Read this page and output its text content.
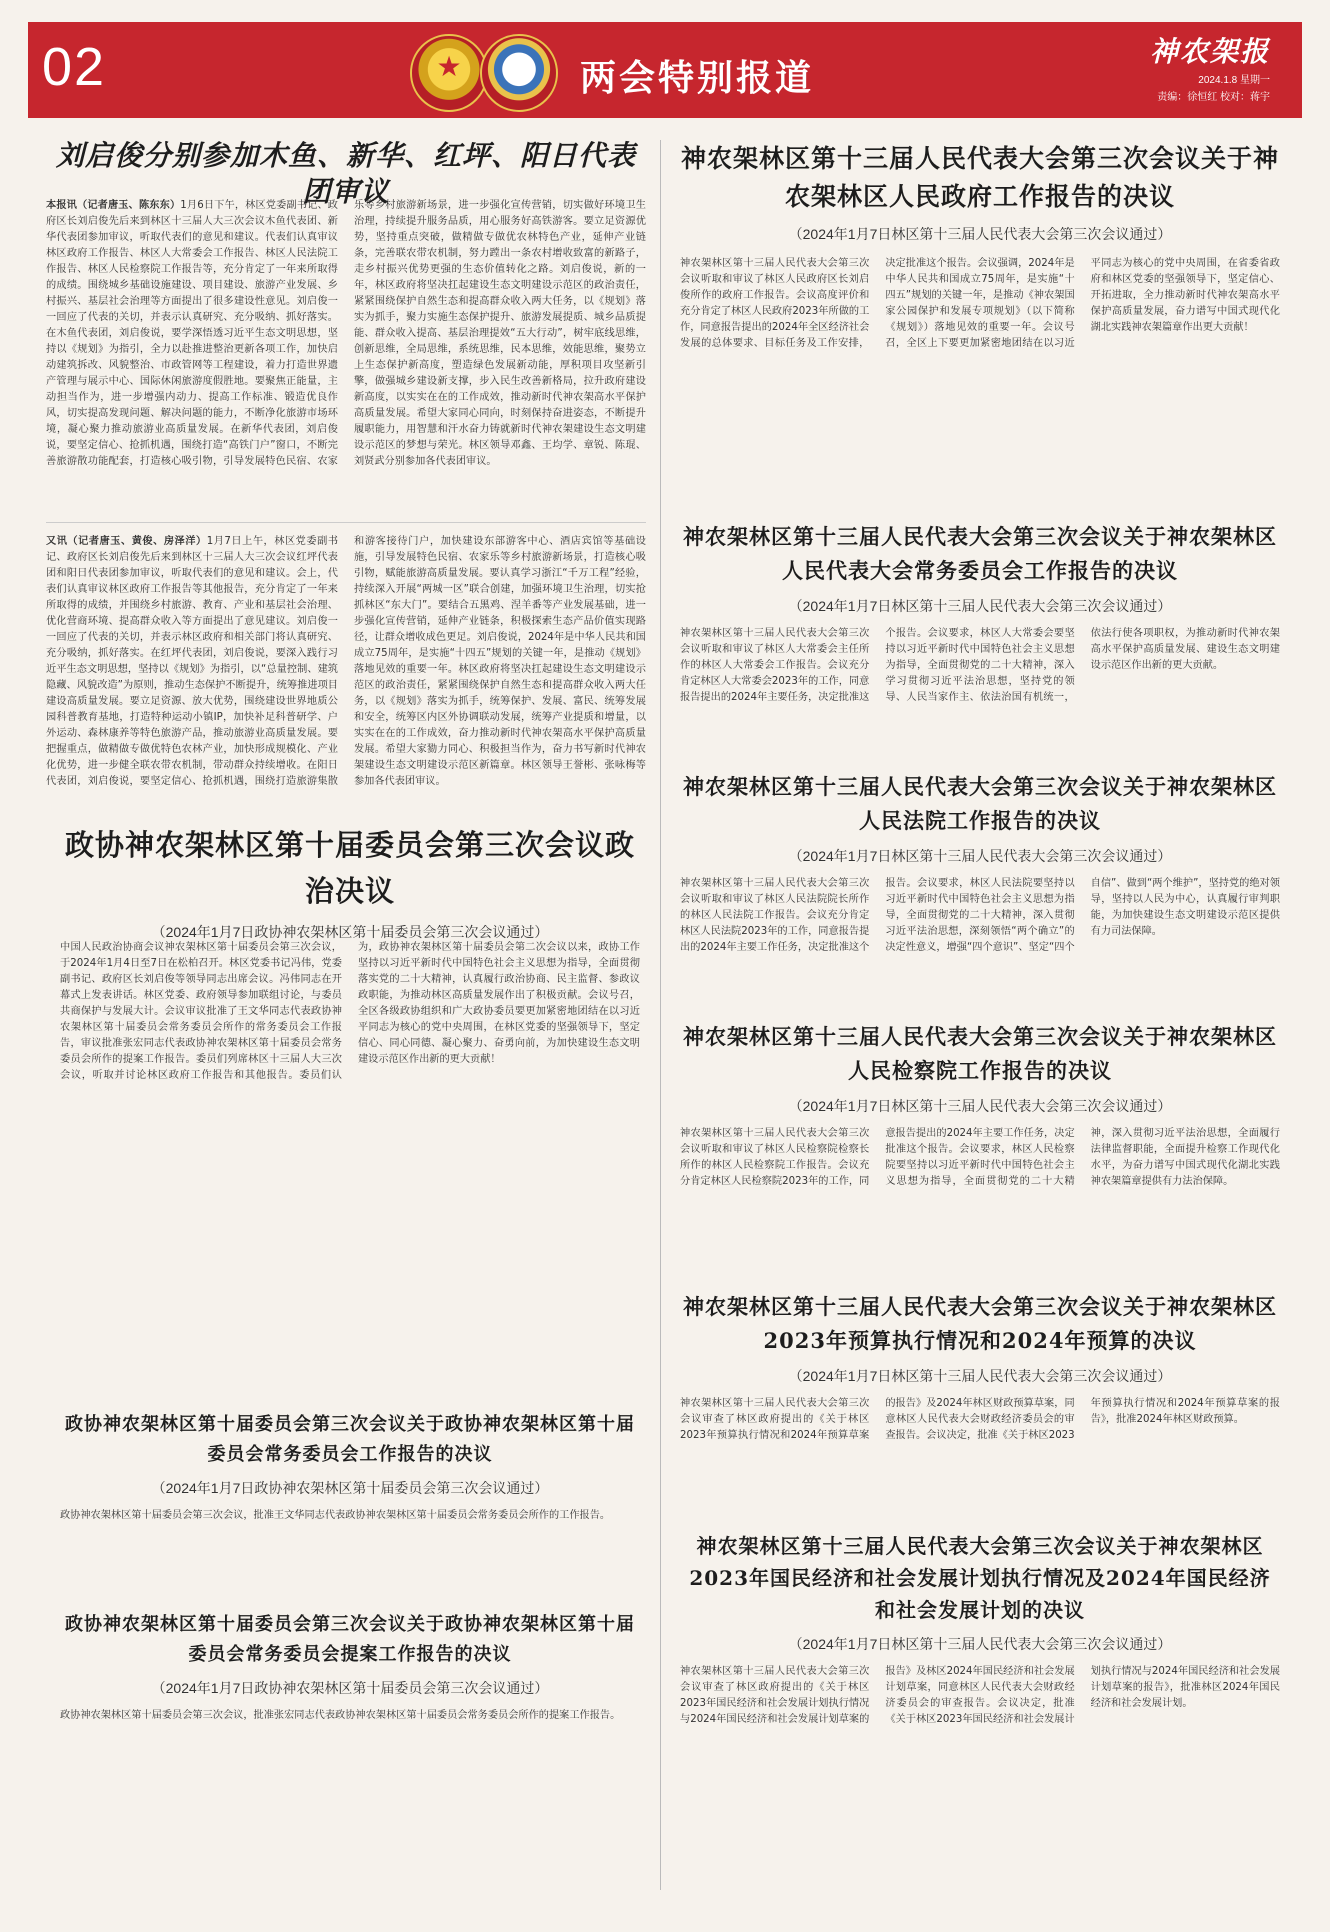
02	★	两会特别报道
神农架报
2024.1.8 星期一
责编：徐恒红 校对：蒋宇
刘启俊分别参加木鱼、新华、红坪、阳日代表团审议

本报讯（记者唐玉、陈东东）1月6日下午，林区党委副书记、政府区长刘启俊先后来到林区十三届人大三次会议木鱼代表团、新华代表团参加审议，听取代表们的意见和建议。代表们认真审议林区政府工作报告、林区人大常委会工作报告、林区人民法院工作报告、林区人民检察院工作报告等，充分肯定了一年来所取得的成绩。围绕城乡基础设施建设、项目建设、旅游产业发展、乡村振兴、基层社会治理等方面提出了很多建设性意见。刘启俊一一回应了代表的关切，并表示认真研究、充分吸纳、抓好落实。在木鱼代表团，刘启俊说，要学深悟透习近平生态文明思想，坚持以《规划》为指引，全力以赴推进整治更新各项工作，加快启动建筑拆改、风貌整治、市政管网等工程建设，着力打造世界遗产管理与展示中心、国际休闲旅游度假胜地。要聚焦正能量，主动担当作为，进一步增强内动力、提高工作标准、锻造优良作风，切实提高发现问题、解决问题的能力，不断净化旅游市场环境，凝心聚力推动旅游业高质量发展。在新华代表团，刘启俊说，要坚定信心、抢抓机遇，围绕打造“高铁门户”窗口，不断完善旅游散功能配套，打造核心吸引物，引导发展特色民宿、农家乐等乡村旅游新场景，进一步强化宣传营销，切实做好环境卫生治理，持续提升服务品质，用心服务好高铁游客。要立足资源优势，坚持重点突破，做精做专做优农林特色产业，延伸产业链条，完善联农带农机制，努力蹚出一条农村增收致富的新路子，走乡村振兴优势更强的生态价值转化之路。刘启俊说，新的一年，林区政府将坚决扛起建设生态文明建设示范区的政治责任，紧紧围绕保护自然生态和提高群众收入两大任务，以《规划》落实为抓手，聚力实施生态保护提升、旅游发展提质、城乡品质提能、群众收入提高、基层治理提效“五大行动”，树牢底线思维，创新思维，全局思维，系统思维，民本思维，效能思维，聚势立上生态保护新高度，塑造绿色发展新动能，厚积项目攻坚新引擎，做强城乡建设新支撑，步入民生改善新格局，拉升政府建设新高度，以实实在在的工作成效，推动新时代神农架高水平保护高质量发展。希望大家同心同向，时刻保持奋进姿态，不断提升履职能力，用智慧和汗水奋力铸就新时代神农架建设生态文明建设示范区的梦想与荣光。林区领导邓鑫、王均学、章锐、陈琨、刘贤武分别参加各代表团审议。

又讯（记者唐玉、黄俊、房泽洋）1月7日上午，林区党委副书记、政府区长刘启俊先后来到林区十三届人大三次会议红坪代表团和阳日代表团参加审议，听取代表们的意见和建议。会上，代表们认真审议林区政府工作报告等其他报告，充分肯定了一年来所取得的成绩，并围绕乡村旅游、教育、产业和基层社会治理、优化营商环境、提高群众收入等方面提出了意见建议。刘启俊一一回应了代表的关切，并表示林区政府和相关部门将认真研究、充分吸纳，抓好落实。在红坪代表团，刘启俊说，要深入践行习近平生态文明思想，坚持以《规划》为指引，以“总量控制、建筑隐藏、风貌改造”为原则，推动生态保护不断提升，统筹推进项目建设高质量发展。要立足资源、放大优势，围绕建设世界地质公园科普教育基地，打造特种运动小镇IP，加快补足科普研学、户外运动、森林康养等特色旅游产品，推动旅游业高质量发展。要把握重点，做精做专做优特色农林产业，加快形成规模化、产业化优势，进一步健全联农带农机制，带动群众持续增收。在阳日代表团，刘启俊说，要坚定信心、抢抓机遇，围绕打造旅游集散和游客接待门户，加快建设东部游客中心、酒店宾馆等基础设施，引导发展特色民宿、农家乐等乡村旅游新场景，打造核心吸引物，赋能旅游高质量发展。要认真学习浙江“千万工程”经验，持续深入开展“两城一区”联合创建，加强环境卫生治理，切实抢抓林区“东大门”。要结合五黑鸡、涅羊番等产业发展基础，进一步强化宣传营销，延伸产业链条，积极探索生态产品价值实现路径，让群众增收成色更足。刘启俊说，2024年是中华人民共和国成立75周年，是实施“十四五”规划的关键一年，是推动《规划》落地见效的重要一年。林区政府将坚决扛起建设生态文明建设示范区的政治责任，紧紧围绕保护自然生态和提高群众收入两大任务，以《规划》落实为抓手，统筹保护、发展、富民、统筹发展和安全，统筹区内区外协调联动发展，统筹产业提质和增量，以实实在在的工作成效，奋力推动新时代神农架高水平保护高质量发展。希望大家勠力同心、积极担当作为，奋力书写新时代神农架建设生态文明建设示范区新篇章。林区领导王誉彬、张咏梅等参加各代表团审议。

政协神农架林区第十届委员会第三次会议政治决议
（2024年1月7日政协神农架林区第十届委员会第三次会议通过）

中国人民政治协商会议神农架林区第十届委员会第三次会议，于2024年1月4日至7日在松柏召开。林区党委书记冯伟，党委副书记、政府区长刘启俊等领导同志出席会议。冯伟同志在开幕式上发表讲话。林区党委、政府领导参加联组讨论，与委员共商保护与发展大计。会议审议批准了王文华同志代表政协神农架林区第十届委员会常务委员会所作的常务委员会工作报告，审议批准张宏同志代表政协神农架林区第十届委员会常务委员会所作的提案工作报告。委员们列席林区十三届人大三次会议，听取并讨论林区政府工作报告和其他报告。委员们认为，政协神农架林区第十届委员会第二次会议以来，政协工作坚持以习近平新时代中国特色社会主义思想为指导，全面贯彻落实党的二十大精神，认真履行政治协商、民主监督、参政议政职能，为推动林区高质量发展作出了积极贡献。会议号召，全区各级政协组织和广大政协委员要更加紧密地团结在以习近平同志为核心的党中央周围，在林区党委的坚强领导下，坚定信心、同心同德、凝心聚力、奋勇向前，为加快建设生态文明建设示范区作出新的更大贡献！

政协神农架林区第十届委员会第三次会议关于政协神农架林区第十届委员会常务委员会工作报告的决议
（2024年1月7日政协神农架林区第十届委员会第三次会议通过）

政协神农架林区第十届委员会第三次会议，批准王文华同志代表政协神农架林区第十届委员会常务委员会所作的工作报告。

政协神农架林区第十届委员会第三次会议关于政协神农架林区第十届委员会常务委员会提案工作报告的决议
（2024年1月7日政协神农架林区第十届委员会第三次会议通过）

政协神农架林区第十届委员会第三次会议，批准张宏同志代表政协神农架林区第十届委员会常务委员会所作的提案工作报告。

神农架林区第十三届人民代表大会第三次会议关于神农架林区人民政府工作报告的决议
（2024年1月7日林区第十三届人民代表大会第三次会议通过）

神农架林区第十三届人民代表大会第三次会议听取和审议了林区人民政府区长刘启俊所作的政府工作报告。会议高度评价和充分肯定了林区人民政府2023年所做的工作，同意报告提出的2024年全区经济社会发展的总体要求、目标任务及工作安排，决定批准这个报告。会议强调，2024年是中华人民共和国成立75周年，是实施“十四五”规划的关键一年，是推动《神农架国家公园保护和发展专项规划》（以下简称《规划》）落地见效的重要一年。会议号召，全区上下要更加紧密地团结在以习近平同志为核心的党中央周围，在省委省政府和林区党委的坚强领导下，坚定信心、开拓进取，全力推动新时代神农架高水平保护高质量发展，奋力谱写中国式现代化湖北实践神农架篇章作出更大贡献！

神农架林区第十三届人民代表大会第三次会议关于神农架林区人民代表大会常务委员会工作报告的决议
（2024年1月7日林区第十三届人民代表大会第三次会议通过）

神农架林区第十三届人民代表大会第三次会议听取和审议了林区人大常委会主任所作的林区人大常委会工作报告。会议充分肯定林区人大常委会2023年的工作，同意报告提出的2024年主要任务，决定批准这个报告。会议要求，林区人大常委会要坚持以习近平新时代中国特色社会主义思想为指导，全面贯彻党的二十大精神，深入学习贯彻习近平法治思想，坚持党的领导、人民当家作主、依法治国有机统一，依法行使各项职权，为推动新时代神农架高水平保护高质量发展、建设生态文明建设示范区作出新的更大贡献。

神农架林区第十三届人民代表大会第三次会议关于神农架林区人民法院工作报告的决议
（2024年1月7日林区第十三届人民代表大会第三次会议通过）

神农架林区第十三届人民代表大会第三次会议听取和审议了林区人民法院院长所作的林区人民法院工作报告。会议充分肯定林区人民法院2023年的工作，同意报告提出的2024年主要工作任务，决定批准这个报告。会议要求，林区人民法院要坚持以习近平新时代中国特色社会主义思想为指导，全面贯彻党的二十大精神，深入贯彻习近平法治思想，深刻领悟“两个确立”的决定性意义，增强“四个意识”、坚定“四个自信”、做到“两个维护”，坚持党的绝对领导，坚持以人民为中心，认真履行审判职能，为加快建设生态文明建设示范区提供有力司法保障。

神农架林区第十三届人民代表大会第三次会议关于神农架林区人民检察院工作报告的决议
（2024年1月7日林区第十三届人民代表大会第三次会议通过）

神农架林区第十三届人民代表大会第三次会议听取和审议了林区人民检察院检察长所作的林区人民检察院工作报告。会议充分肯定林区人民检察院2023年的工作，同意报告提出的2024年主要工作任务，决定批准这个报告。会议要求，林区人民检察院要坚持以习近平新时代中国特色社会主义思想为指导，全面贯彻党的二十大精神，深入贯彻习近平法治思想，全面履行法律监督职能，全面提升检察工作现代化水平，为奋力谱写中国式现代化湖北实践神农架篇章提供有力法治保障。

神农架林区第十三届人民代表大会第三次会议关于神农架林区2023年预算执行情况和2024年预算的决议
（2024年1月7日林区第十三届人民代表大会第三次会议通过）

神农架林区第十三届人民代表大会第三次会议审查了林区政府提出的《关于林区2023年预算执行情况和2024年预算草案的报告》及2024年林区财政预算草案，同意林区人民代表大会财政经济委员会的审查报告。会议决定，批准《关于林区2023年预算执行情况和2024年预算草案的报告》，批准2024年林区财政预算。

神农架林区第十三届人民代表大会第三次会议关于神农架林区2023年国民经济和社会发展计划执行情况及2024年国民经济和社会发展计划的决议
（2024年1月7日林区第十三届人民代表大会第三次会议通过）

神农架林区第十三届人民代表大会第三次会议审查了林区政府提出的《关于林区2023年国民经济和社会发展计划执行情况与2024年国民经济和社会发展计划草案的报告》及林区2024年国民经济和社会发展计划草案，同意林区人民代表大会财政经济委员会的审查报告。会议决定，批准《关于林区2023年国民经济和社会发展计划执行情况与2024年国民经济和社会发展计划草案的报告》，批准林区2024年国民经济和社会发展计划。
